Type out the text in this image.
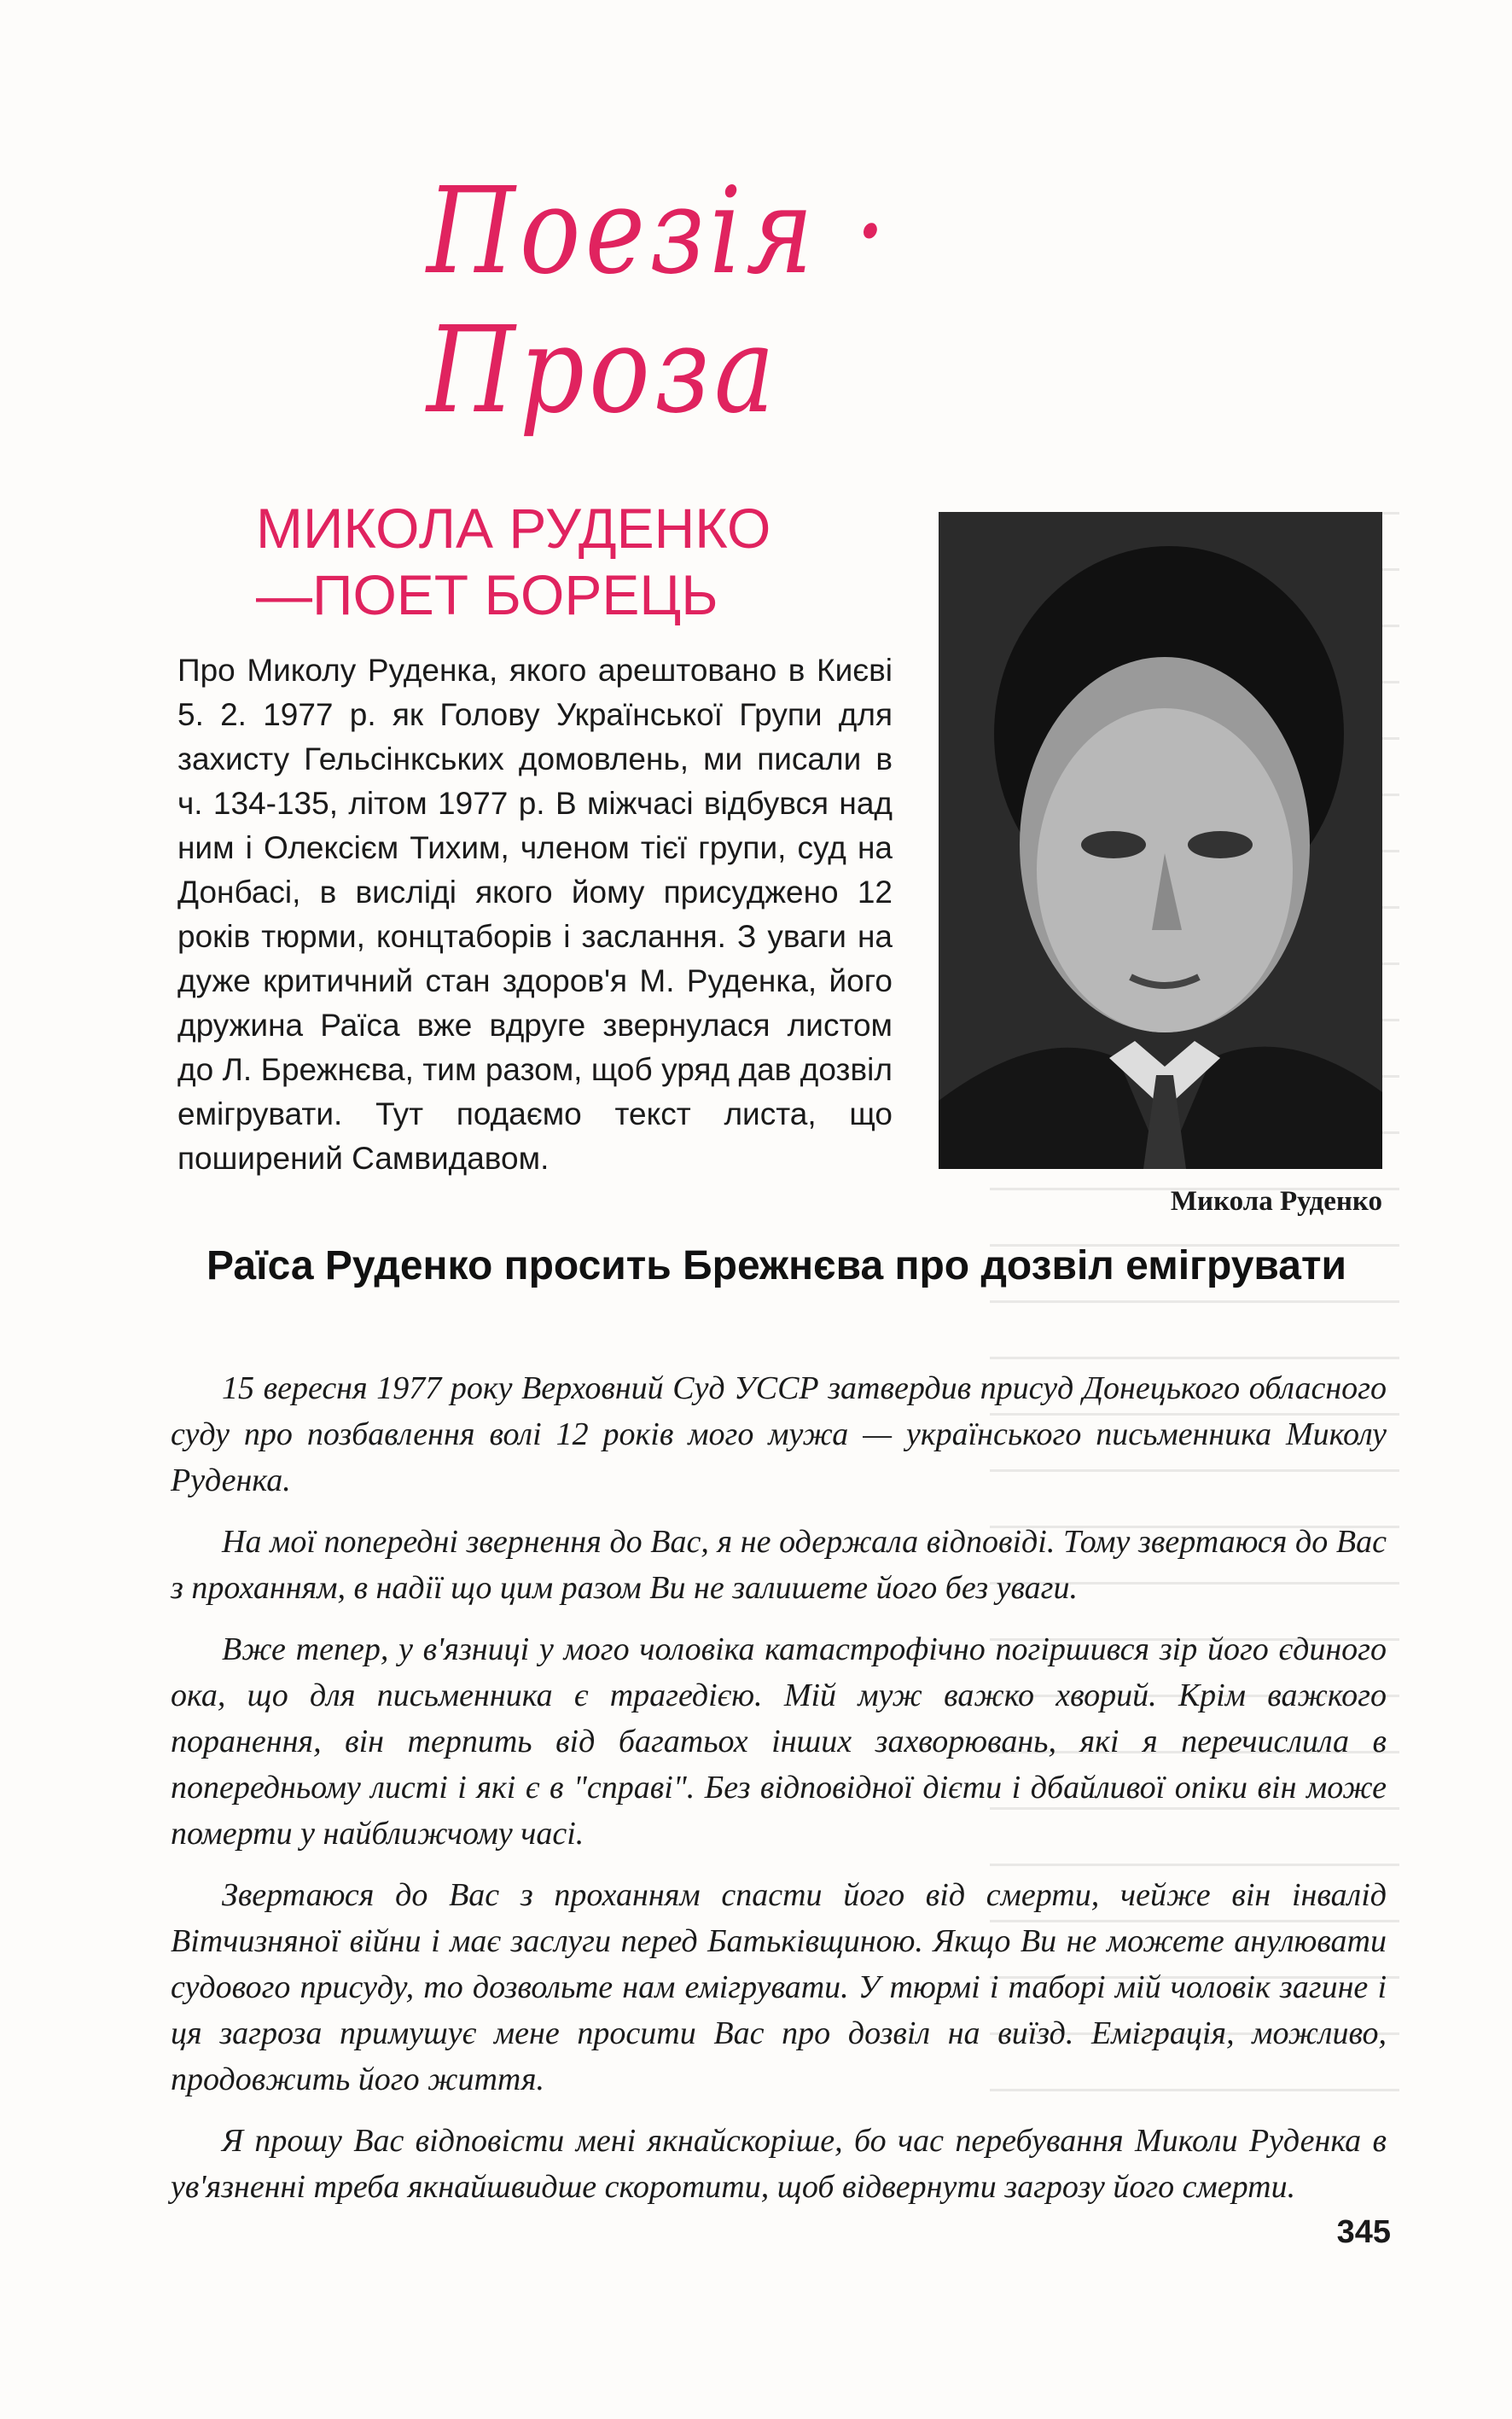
Поезія · Проза
МИКОЛА РУДЕНКО
—ПОЕТ БОРЕЦЬ
Про Миколу Руденка, якого арештовано в Києві 5. 2. 1977 р. як Голову Української Групи для захисту Гельсінкських домовлень, ми писали в ч. 134-135, літом 1977 р. В міжчасі відбувся над ним і Олексієм Тихим, членом тієї групи, суд на Донбасі, в висліді якого йому присуджено 12 років тюрми, концтаборів і заслання. З уваги на дуже критичний стан здоров'я М. Руденка, його дружина Раїса вже вдруге звернулася листом до Л. Брежнєва, тим разом, щоб уряд дав дозвіл емігрувати. Тут подаємо текст листа, що поширений Самвидавом.
Микола Руденко
Раїса Руденко просить Брежнєва про дозвіл емігрувати

15 вересня 1977 року Верховний Суд УССР затвердив присуд Донецького обласного суду про позбавлення волі 12 років мого мужа — українського письменника Миколу Руденка.

На мої попередні звернення до Вас, я не одержала відповіді. Тому звертаюся до Вас з проханням, в надії що цим разом Ви не залишете його без уваги.

Вже тепер, у в'язниці у мого чоловіка катастрофічно погіршився зір його єдиного ока, що для письменника є трагедією. Мій муж важко хворий. Крім важкого поранення, він терпить від багатьох інших захворювань, які я перечислила в попередньому листі і які є в "справі". Без відповідної дієти і дбайливої опіки він може померти у найближчому часі.

Звертаюся до Вас з проханням спасти його від смерти, чейже він інвалід Вітчизняної війни і має заслуги перед Батьківщиною. Якщо Ви не можете анулювати судового присуду, то дозвольте нам емігрувати. У тюрмі і таборі мій чоловік загине і ця загроза примушує мене просити Вас про дозвіл на виїзд. Еміграція, можливо, продовжить його життя.

Я прошу Вас відповісти мені якнайскоріше, бо час перебування Миколи Руденка в ув'язненні треба якнайшвидше скоротити, щоб відвернути загрозу його смерти.

345
